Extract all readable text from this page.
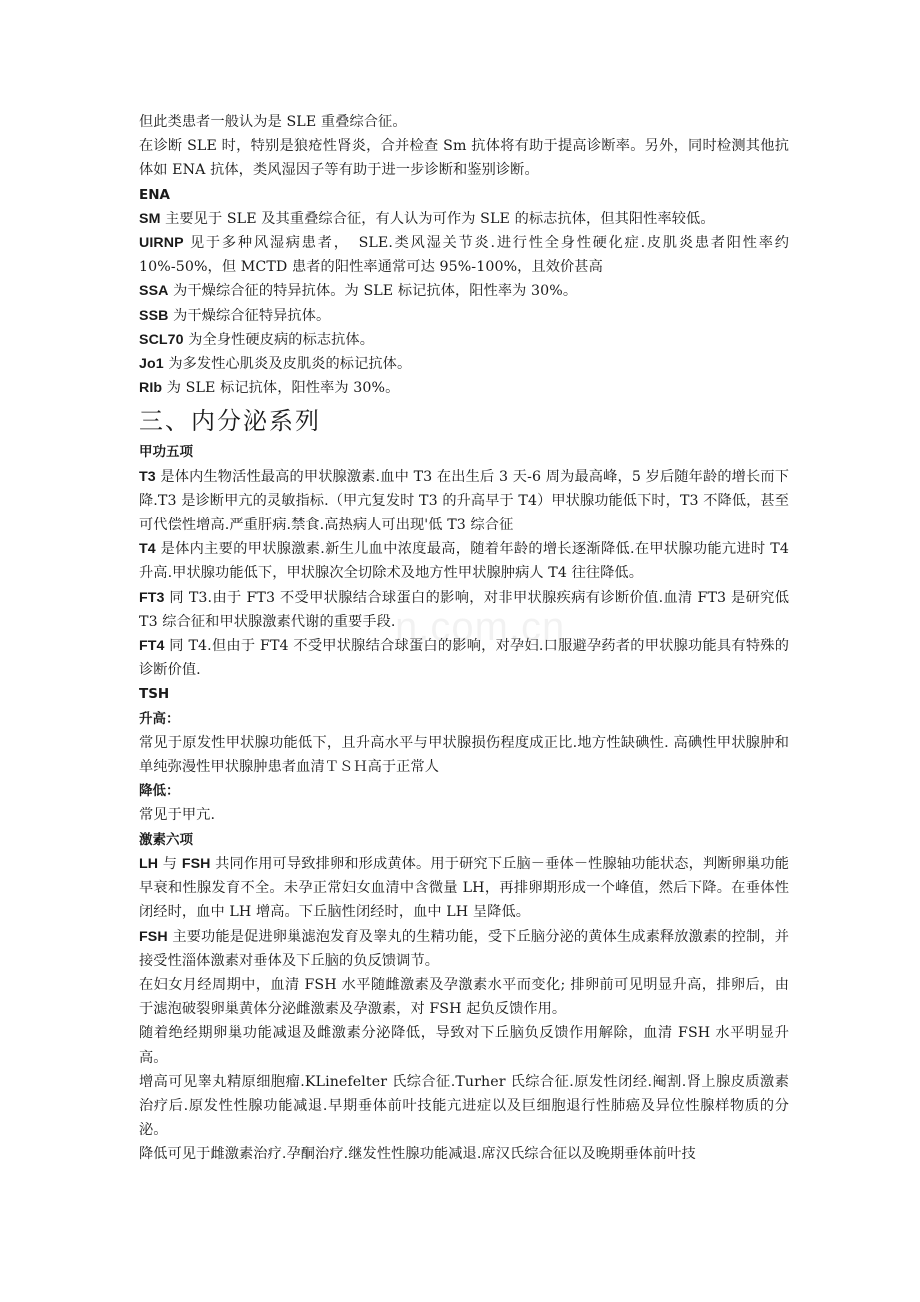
但此类患者一般认为是 SLE 重叠综合征。

在诊断 SLE 时，特别是狼疮性肾炎，合并检查 Sm 抗体将有助于提高诊断率。另外，同时检测其他抗体如 ENA 抗体，类风湿因子等有助于进一步诊断和鉴别诊断。

ENA

SM 主要见于 SLE 及其重叠综合征，有人认为可作为 SLE 的标志抗体，但其阳性率较低。

UIRNP 见于多种风湿病患者，　SLE.类风湿关节炎.进行性全身性硬化症.皮肌炎患者阳性率约 10%-50%，但 MCTD 患者的阳性率通常可达 95%-100%，且效价甚高

SSA 为干燥综合征的特异抗体。为 SLE 标记抗体，阳性率为 30%。

SSB 为干燥综合征特异抗体。

SCL70 为全身性硬皮病的标志抗体。

Jo1 为多发性心肌炎及皮肌炎的标记抗体。

RIb 为 SLE 标记抗体，阳性率为 30%。

三、内分泌系列

甲功五项

T3 是体内生物活性最高的甲状腺激素.血中 T3 在出生后 3 天-6 周为最高峰，5 岁后随年龄的增长而下降.T3 是诊断甲亢的灵敏指标.（甲亢复发时 T3 的升高早于 T4）甲状腺功能低下时，T3 不降低，甚至可代偿性增高.严重肝病.禁食.高热病人可出现'低 T3 综合征

T4 是体内主要的甲状腺激素.新生儿血中浓度最高，随着年龄的增长逐渐降低.在甲状腺功能亢进时 T4 升高.甲状腺功能低下，甲状腺次全切除术及地方性甲状腺肿病人 T4 往往降低。

FT3 同 T3.由于 FT3 不受甲状腺结合球蛋白的影响，对非甲状腺疾病有诊断价值.血清 FT3 是研究低 T3 综合征和甲状腺激素代谢的重要手段.

FT4 同 T4.但由于 FT4 不受甲状腺结合球蛋白的影响，对孕妇.口服避孕药者的甲状腺功能具有特殊的诊断价值.

TSH

升高：

常见于原发性甲状腺功能低下，且升高水平与甲状腺损伤程度成正比.地方性缺碘性. 高碘性甲状腺肿和单纯弥漫性甲状腺肿患者血清ＴＳＨ高于正常人

降低：

常见于甲亢.

激素六项

LH 与 FSH 共同作用可导致排卵和形成黄体。用于研究下丘脑－垂体－性腺轴功能状态，判断卵巢功能早衰和性腺发育不全。未孕正常妇女血清中含微量 LH，再排卵期形成一个峰值，然后下降。在垂体性闭经时，血中 LH 增高。下丘脑性闭经时，血中 LH 呈降低。

FSH 主要功能是促进卵巢滤泡发育及睾丸的生精功能，受下丘脑分泌的黄体生成素释放激素的控制，并接受性淄体激素对垂体及下丘脑的负反馈调节。

在妇女月经周期中，血清 FSH 水平随雌激素及孕激素水平而变化; 排卵前可见明显升高，排卵后，由于滤泡破裂卵巢黄体分泌雌激素及孕激素，对 FSH 起负反馈作用。

随着绝经期卵巢功能减退及雌激素分泌降低，导致对下丘脑负反馈作用解除，血清 FSH 水平明显升高。

增高可见睾丸精原细胞瘤.KLinefelter 氏综合征.Turher 氏综合征.原发性闭经.阉割.肾上腺皮质激素治疗后.原发性性腺功能减退.早期垂体前叶技能亢进症以及巨细胞退行性肺癌及异位性腺样物质的分泌。

降低可见于雌激素治疗.孕酮治疗.继发性性腺功能减退.席汉氏综合征以及晚期垂体前叶技

n.com.cn
